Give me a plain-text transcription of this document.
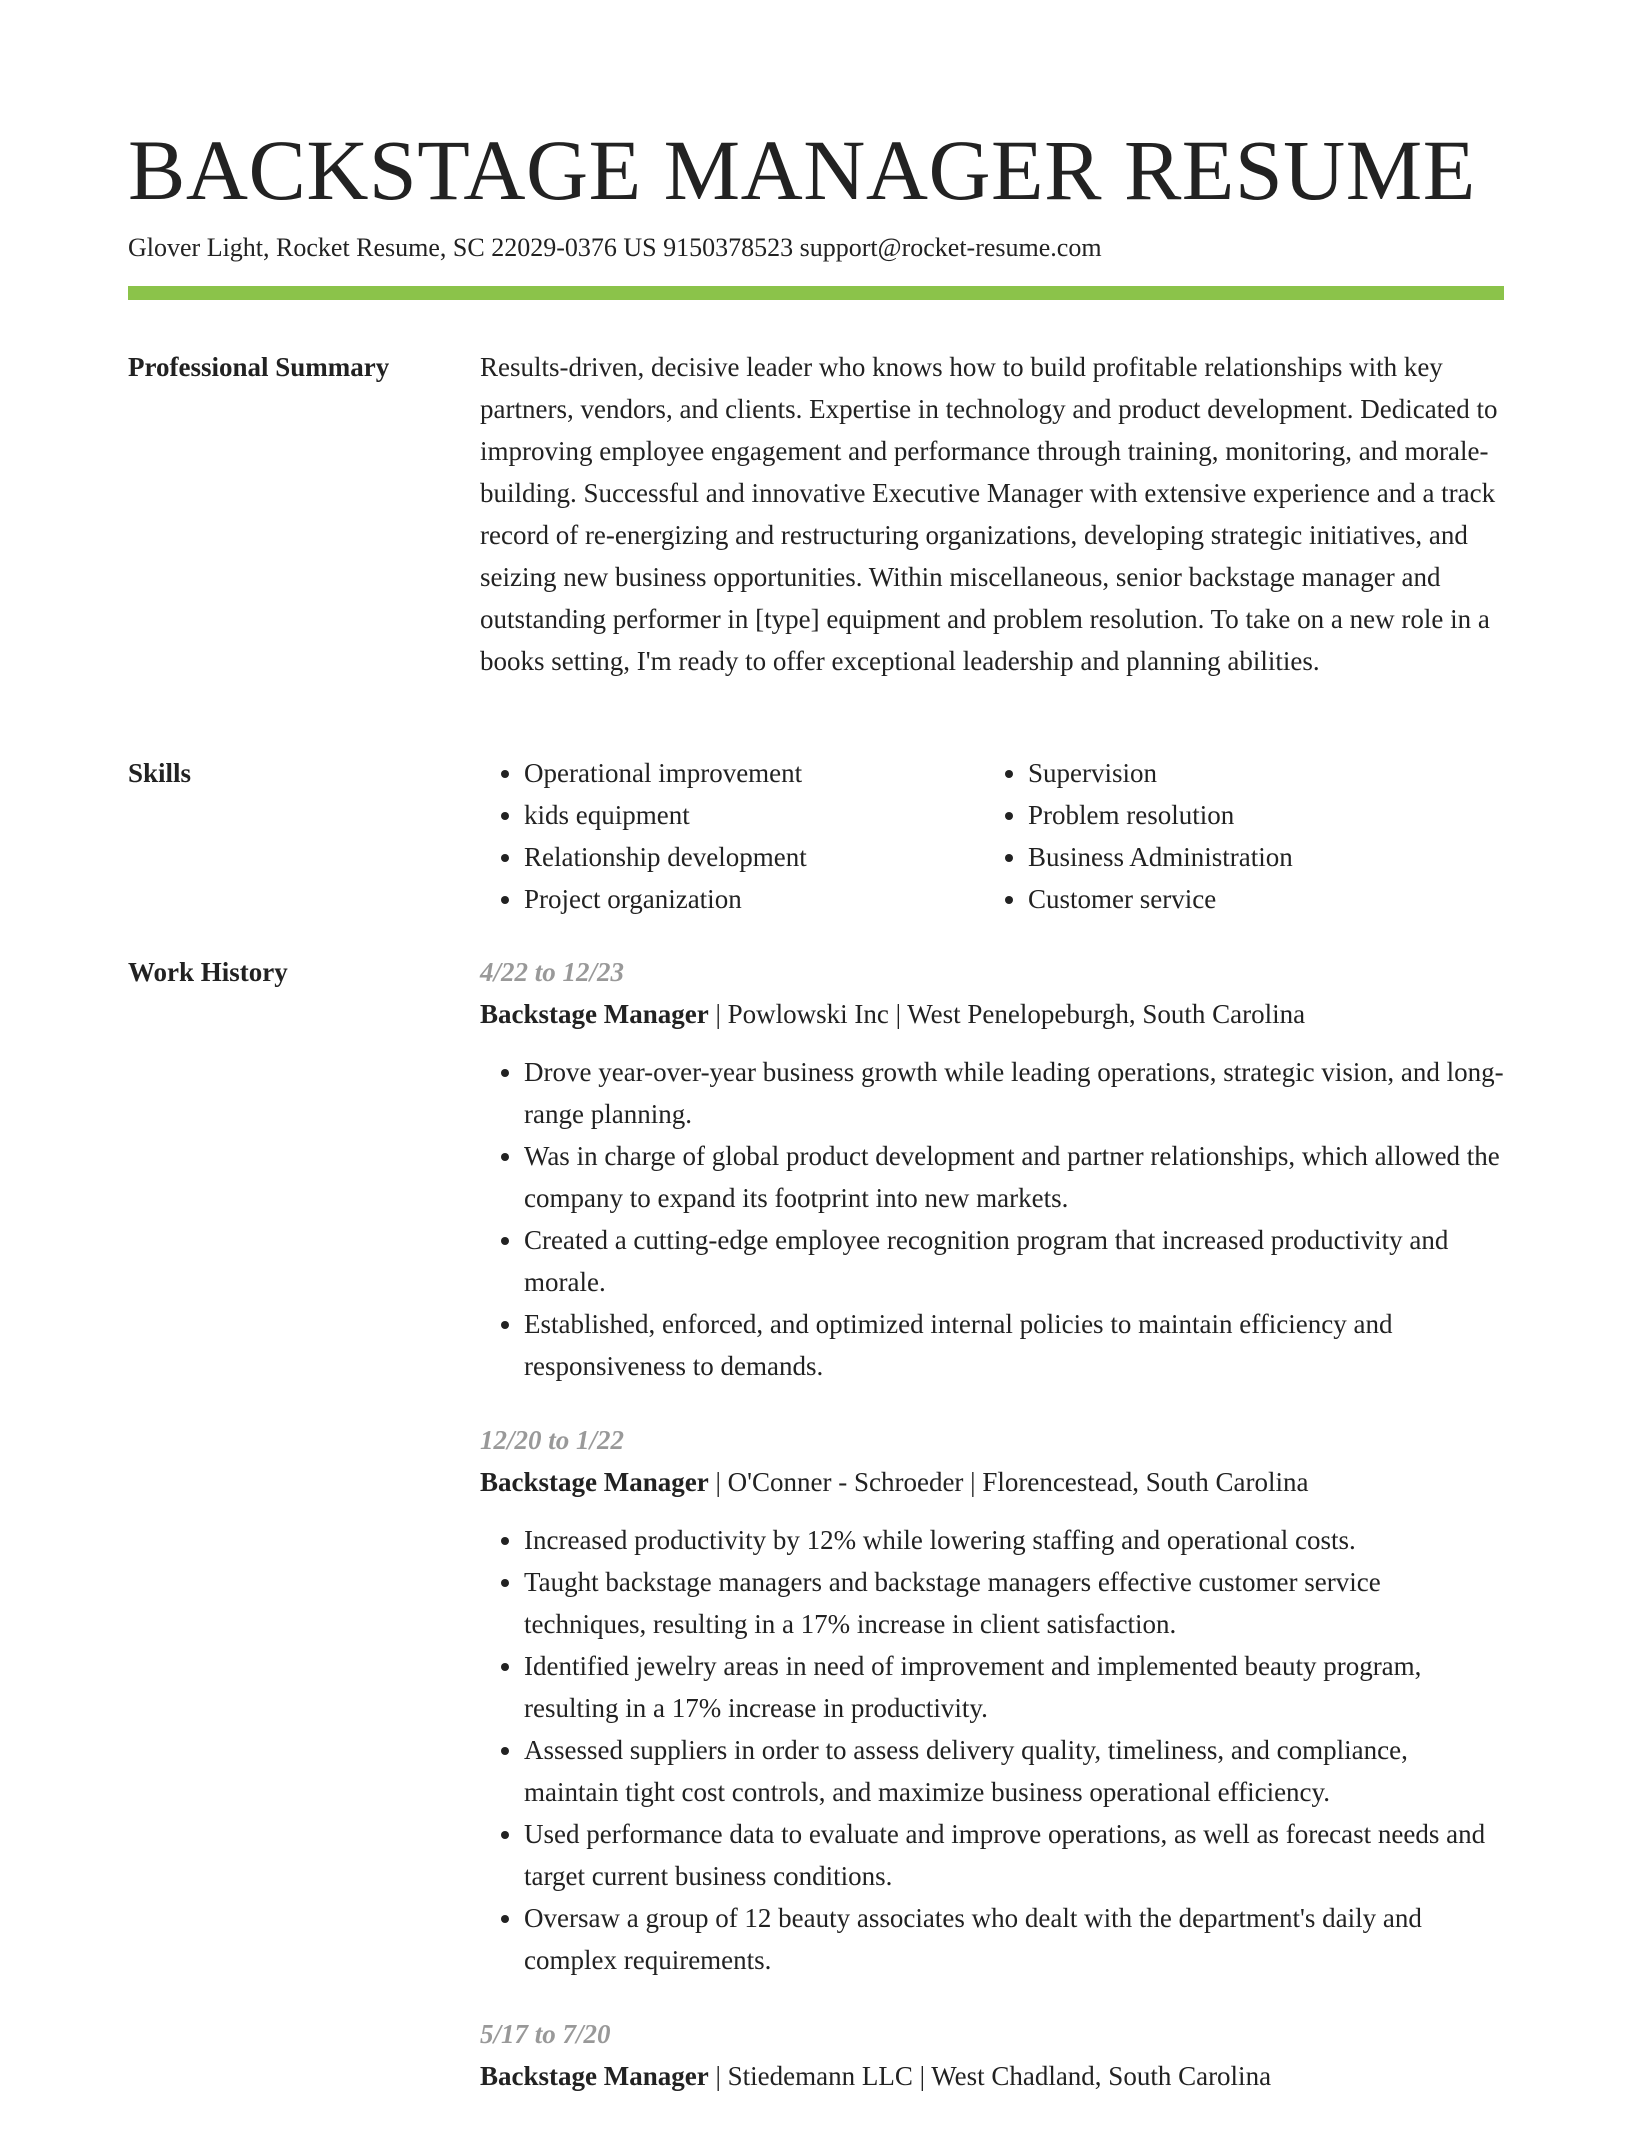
BACKSTAGE MANAGER RESUME
Glover Light, Rocket Resume, SC 22029-0376 US 9150378523 support@rocket-resume.com
Professional Summary	Results-driven, decisive leader who knows how to build profitable relationships with key partners, vendors, and clients. Expertise in technology and product development. Dedicated to improving employee engagement and performance through training, monitoring, and morale-building. Successful and innovative Executive Manager with extensive experience and a track record of re-energizing and restructuring organizations, developing strategic initiatives, and seizing new business opportunities. Within miscellaneous, senior backstage manager and outstanding performer in [type] equipment and problem resolution. To take on a new role in a books setting, I'm ready to offer exceptional leadership and planning abilities.

Skills
•	Operational improvement
• kids equipment
• Relationship development
• Project organization
• Supervision
• Problem resolution
• Business Administration
• Customer service
Work History	4/22 to 12/23
Backstage Manager | Powlowski Inc | West Penelopeburgh, South Carolina
• Drove year-over-year business growth while leading operations, strategic vision, and long-range planning.
• Was in charge of global product development and partner relationships, which allowed the company to expand its footprint into new markets.
• Created a cutting-edge employee recognition program that increased productivity and morale.
• Established, enforced, and optimized internal policies to maintain efficiency and responsiveness to demands.
12/20 to 1/22
Backstage Manager | O'Conner - Schroeder | Florencestead, South Carolina
• Increased productivity by 12% while lowering staffing and operational costs.
• Taught backstage managers and backstage managers effective customer service techniques, resulting in a 17% increase in client satisfaction.
• Identified jewelry areas in need of improvement and implemented beauty program, resulting in a 17% increase in productivity.
• Assessed suppliers in order to assess delivery quality, timeliness, and compliance, maintain tight cost controls, and maximize business operational efficiency.
• Used performance data to evaluate and improve operations, as well as forecast needs and target current business conditions.
• Oversaw a group of 12 beauty associates who dealt with the department's daily and complex requirements.
5/17 to 7/20
Backstage Manager | Stiedemann LLC | West Chadland, South Carolina
